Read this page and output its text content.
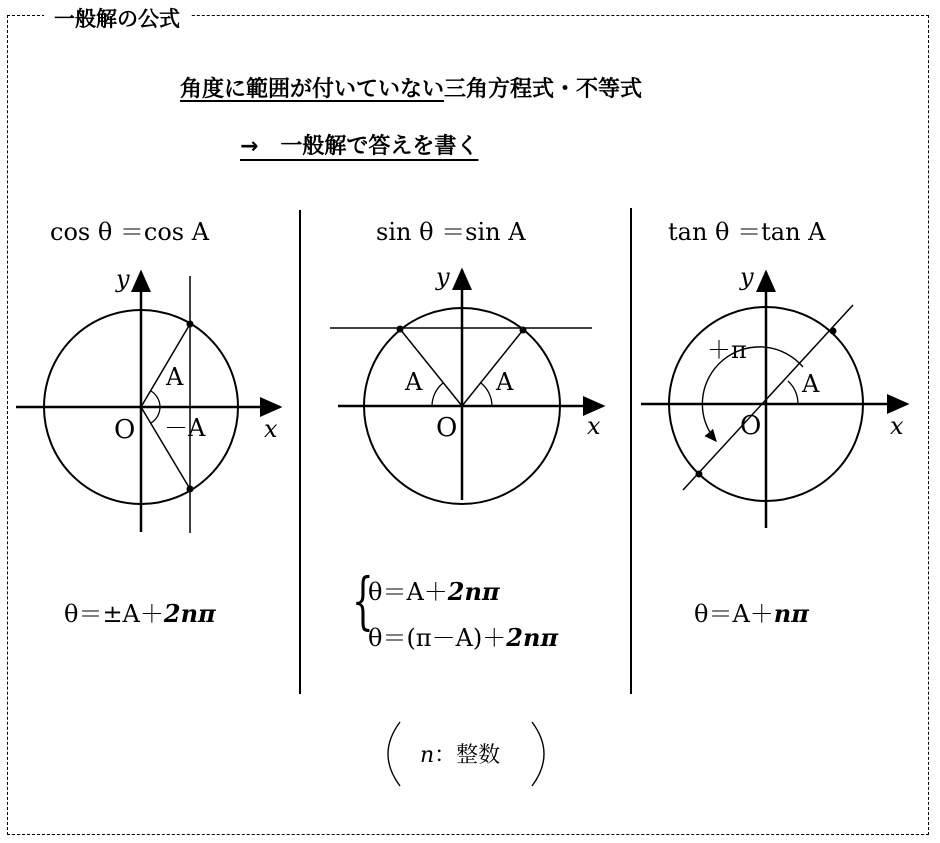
一般解の公式
角度に範囲が付いていない三角方程式・不等式
→　一般解で答えを書く
cos θ ＝cos A	sin θ ＝sin A	tan θ ＝tan A
A
－A
O	x
y
A	A
O	x
y
A
＋π
O	x
y
θ＝±A＋2nπ {
θ＝A＋2nπ
θ＝(π－A)＋2nπ
θ＝A＋nπ
n：整数
